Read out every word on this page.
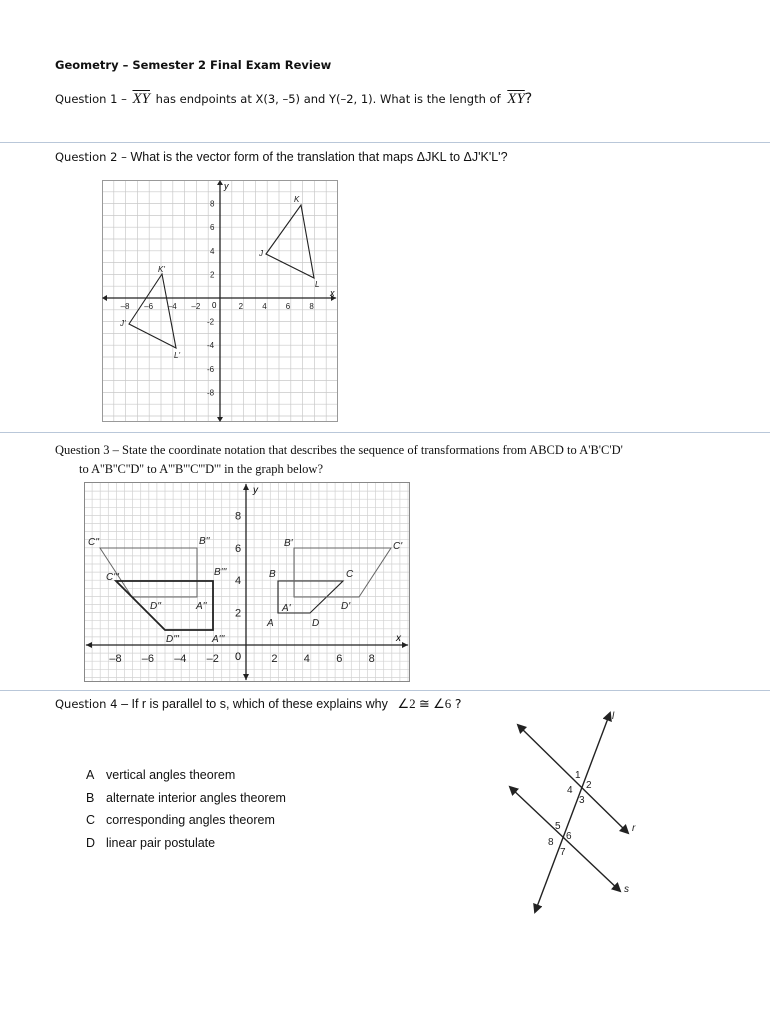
Geometry – Semester 2 Final Exam Review
Question $1 - \overline{XY}$ has endpoints at X(3, –5) and Y(–2, 1). What is the length of $\overline{XY}$?
Question 2 – What is the vector form of the translation that maps ΔJKL to ΔJ'K'L'?
–8 –6 –4 –2	2 4 6 8
2
-2
4
-4
6
-6
8
-8
x
y
0
K
J
L
K'
J'
L'
Question 3 – State the coordinate notation that describes the sequence of transformations from ABCD to A'B'C'D'
to A''B''C''D'' to A'''B'''C'''D''' in the graph below?
–8 –6 –4 –2	2 4 6 8
2
4
6
8
x
y
0
B	C
A	D
B'	C'
A'	D'
C''	B''
D''	A''
C'''	B'''
D'''	A'''
Question 4 – If r is parallel to s, which of these explains why ∠2 ≅ ∠6 ?
A vertical angles theorem
B alternate interior angles theorem
C corresponding angles theorem
D linear pair postulate
l
r
s
1
2
3
4
5
6
7
8
